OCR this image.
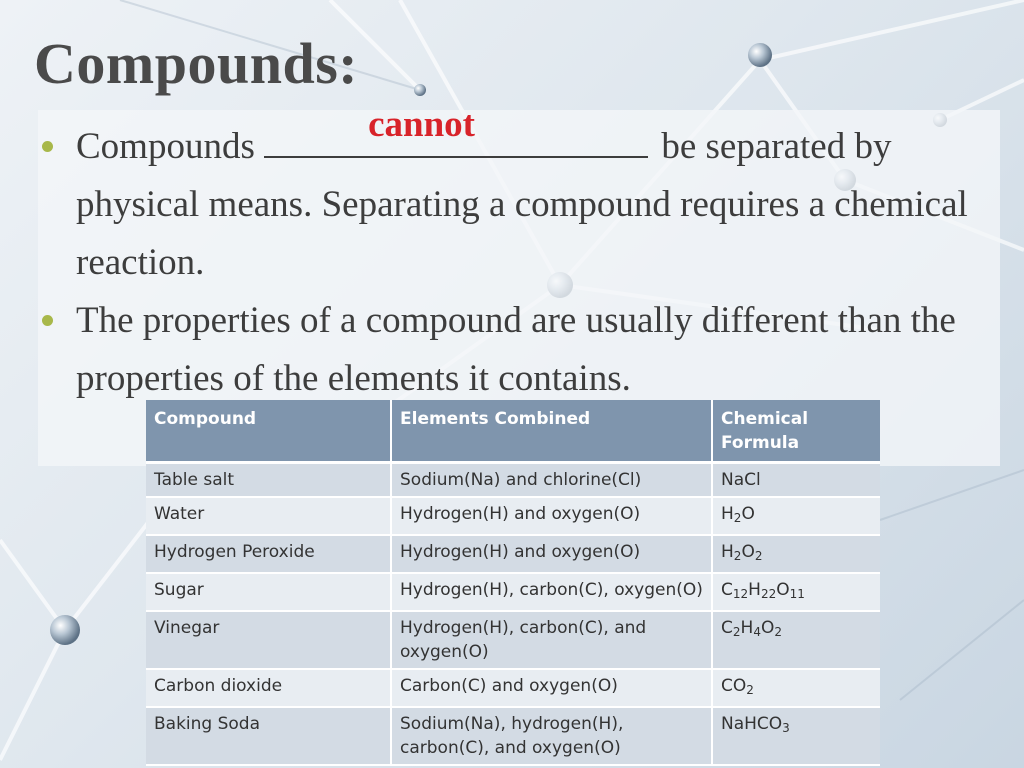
Compounds:
Compounds
cannot
be separated by physical means. Separating a compound requires a chemical reaction.
The properties of a compound are usually different than the properties of the elements it contains.
Compound	Elements Combined	Chemical Formula
Table salt	Sodium(Na) and chlorine(Cl)	NaCl
Water	Hydrogen(H) and oxygen(O)	$H_2O$
Hydrogen Peroxide	Hydrogen(H) and oxygen(O)	$H_2O_2$
Sugar	Hydrogen(H), carbon(C), oxygen(O)	$C_{12}H_{22}O_{11}$
Vinegar	Hydrogen(H), carbon(C), and oxygen(O)	$C_2H_4O_2$
Carbon dioxide	Carbon(C) and oxygen(O)	$CO_2$
Baking Soda	Sodium(Na), hydrogen(H), carbon(C), and oxygen(O)	NaHCO$_3$
